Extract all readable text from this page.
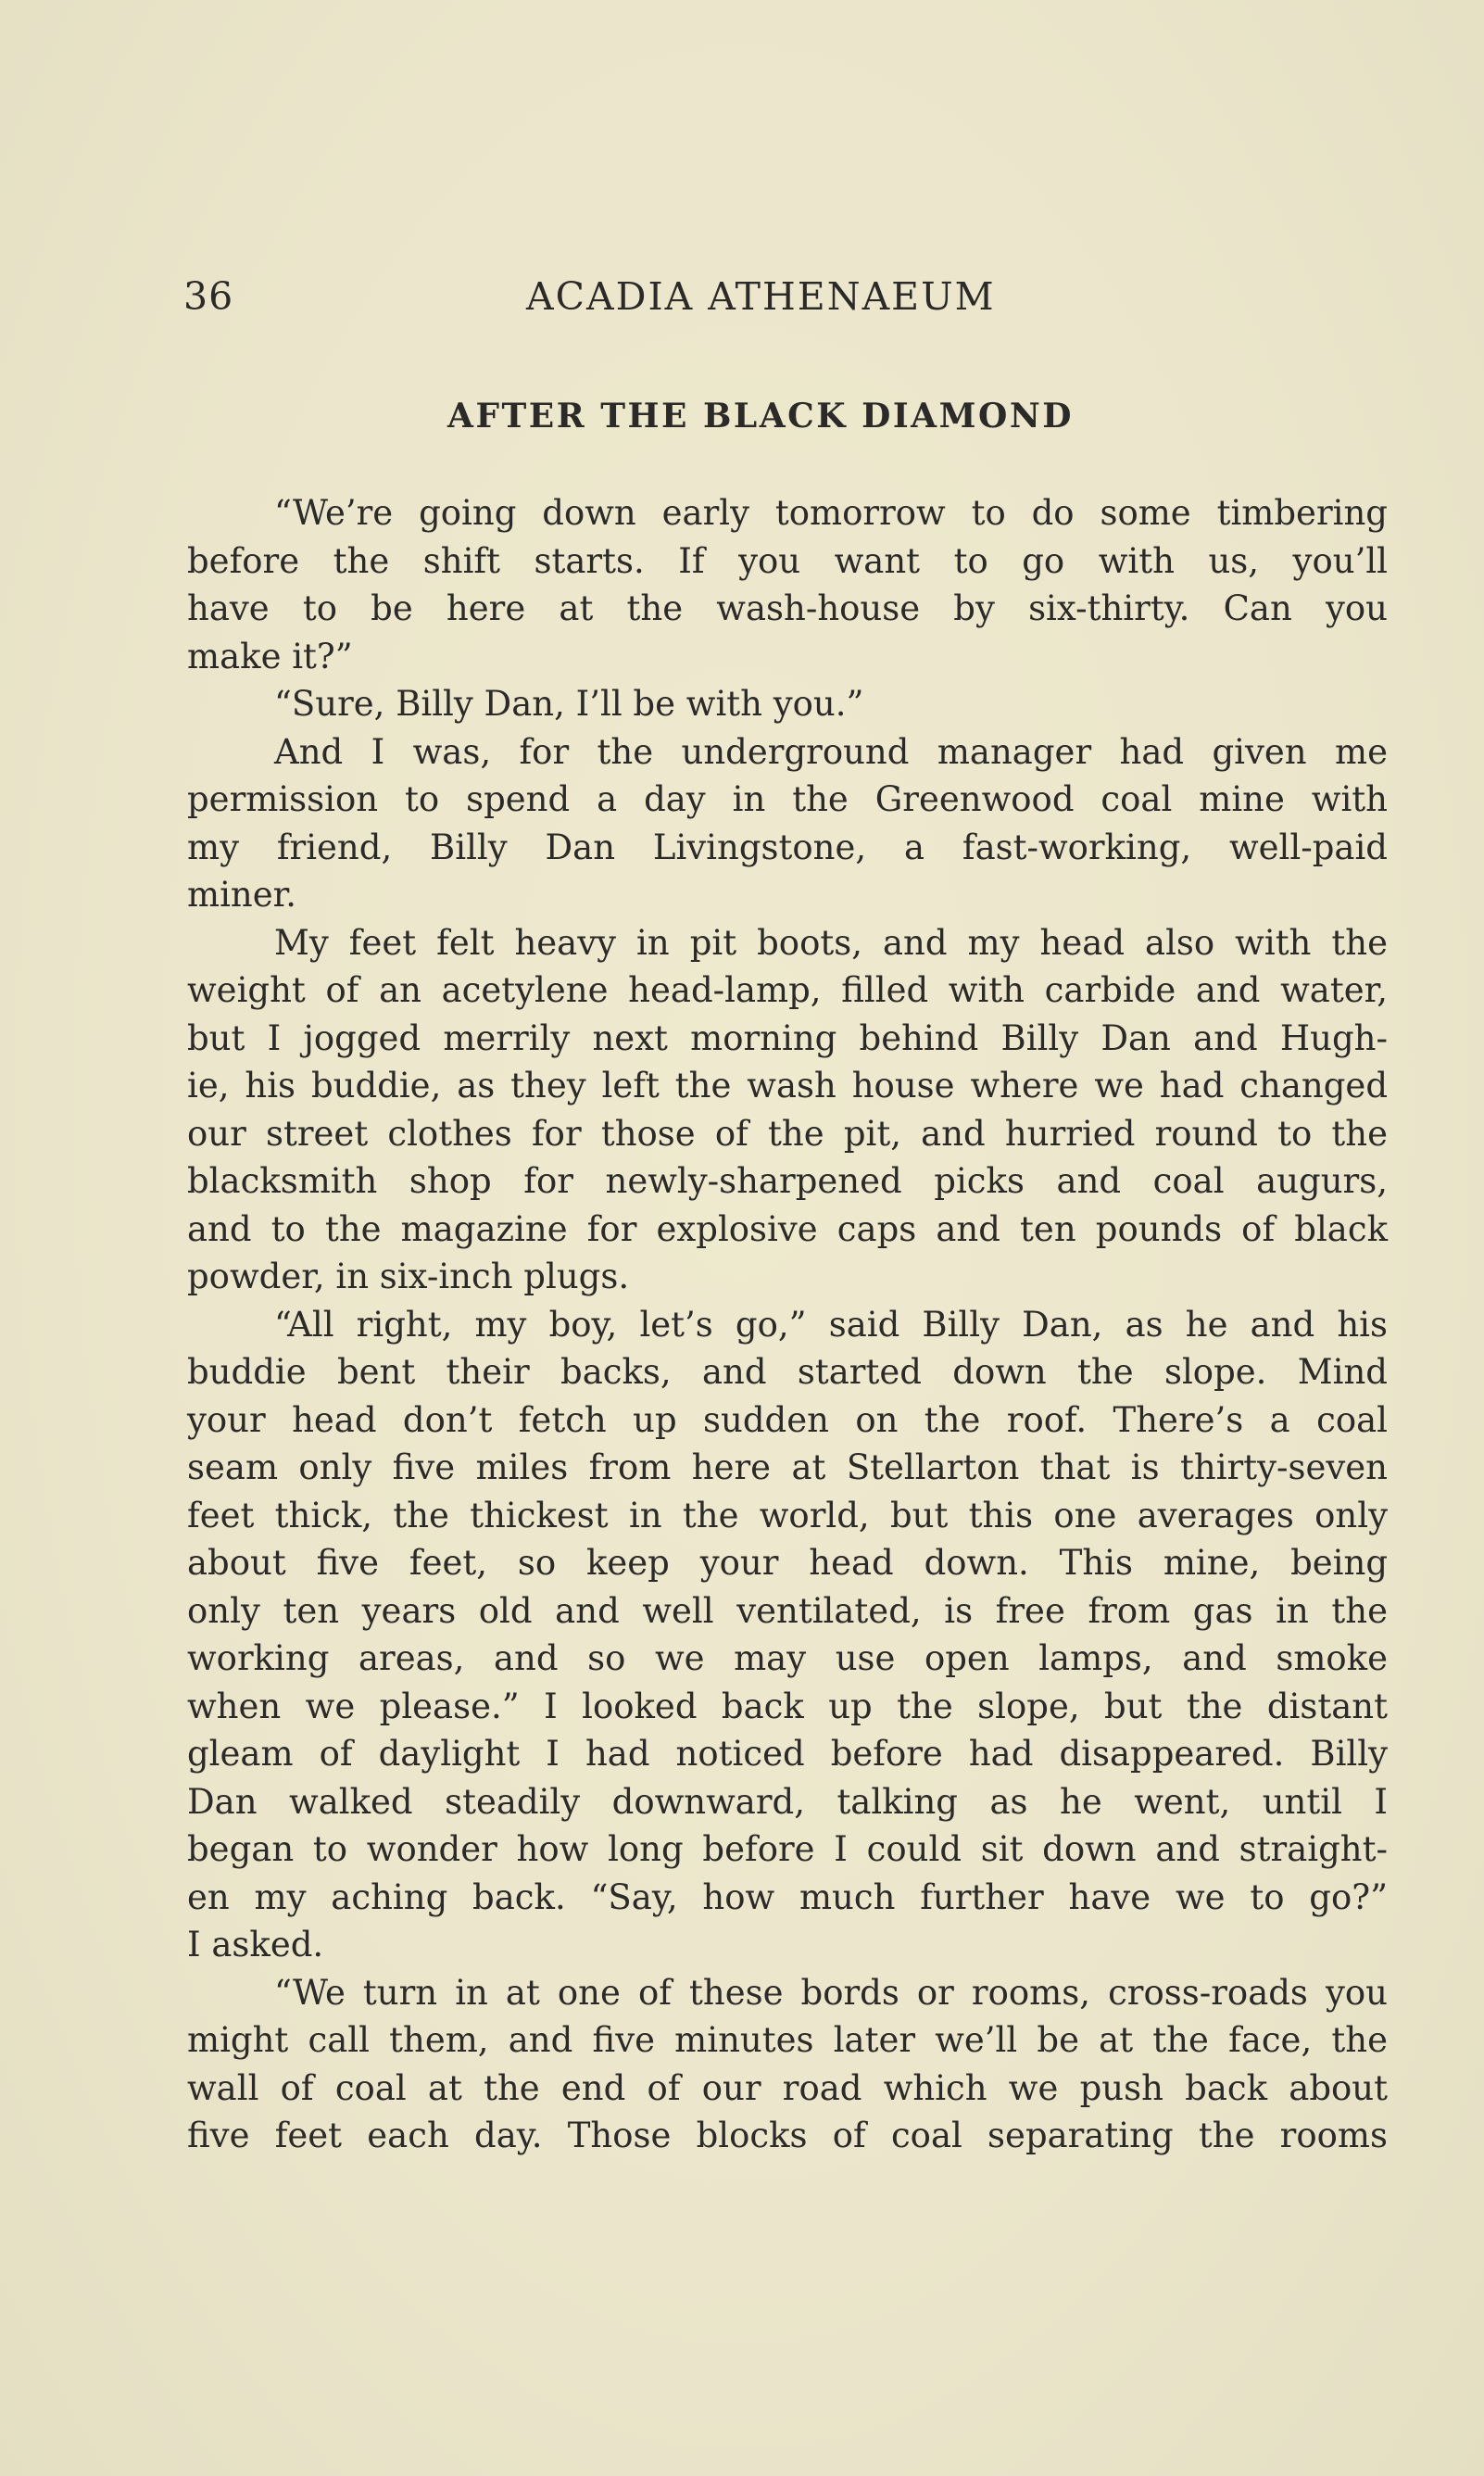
36	ACADIA ATHENAEUM
AFTER THE BLACK DIAMOND
“We’re going down early tomorrow to do some timbering
before the shift starts. If you want to go with us, you’ll
have to be here at the wash-house by six-thirty. Can you
make it?”
“Sure, Billy Dan, I’ll be with you.”
And I was, for the underground manager had given me
permission to spend a day in the Greenwood coal mine with
my friend, Billy Dan Livingstone, a fast-working, well-paid
miner.
My feet felt heavy in pit boots, and my head also with the
weight of an acetylene head-lamp, filled with carbide and water,
but I jogged merrily next morning behind Billy Dan and Hugh-
ie, his buddie, as they left the wash house where we had changed
our street clothes for those of the pit, and hurried round to the
blacksmith shop for newly-sharpened picks and coal augurs,
and to the magazine for explosive caps and ten pounds of black
powder, in six-inch plugs.
“All right, my boy, let’s go,” said Billy Dan, as he and his
buddie bent their backs, and started down the slope. Mind
your head don’t fetch up sudden on the roof. There’s a coal
seam only five miles from here at Stellarton that is thirty-seven
feet thick, the thickest in the world, but this one averages only
about five feet, so keep your head down. This mine, being
only ten years old and well ventilated, is free from gas in the
working areas, and so we may use open lamps, and smoke
when we please.” I looked back up the slope, but the distant
gleam of daylight I had noticed before had disappeared. Billy
Dan walked steadily downward, talking as he went, until I
began to wonder how long before I could sit down and straight-
en my aching back. “Say, how much further have we to go?”
I asked.
“We turn in at one of these bords or rooms, cross-roads you
might call them, and five minutes later we’ll be at the face, the
wall of coal at the end of our road which we push back about
five feet each day. Those blocks of coal separating the rooms
